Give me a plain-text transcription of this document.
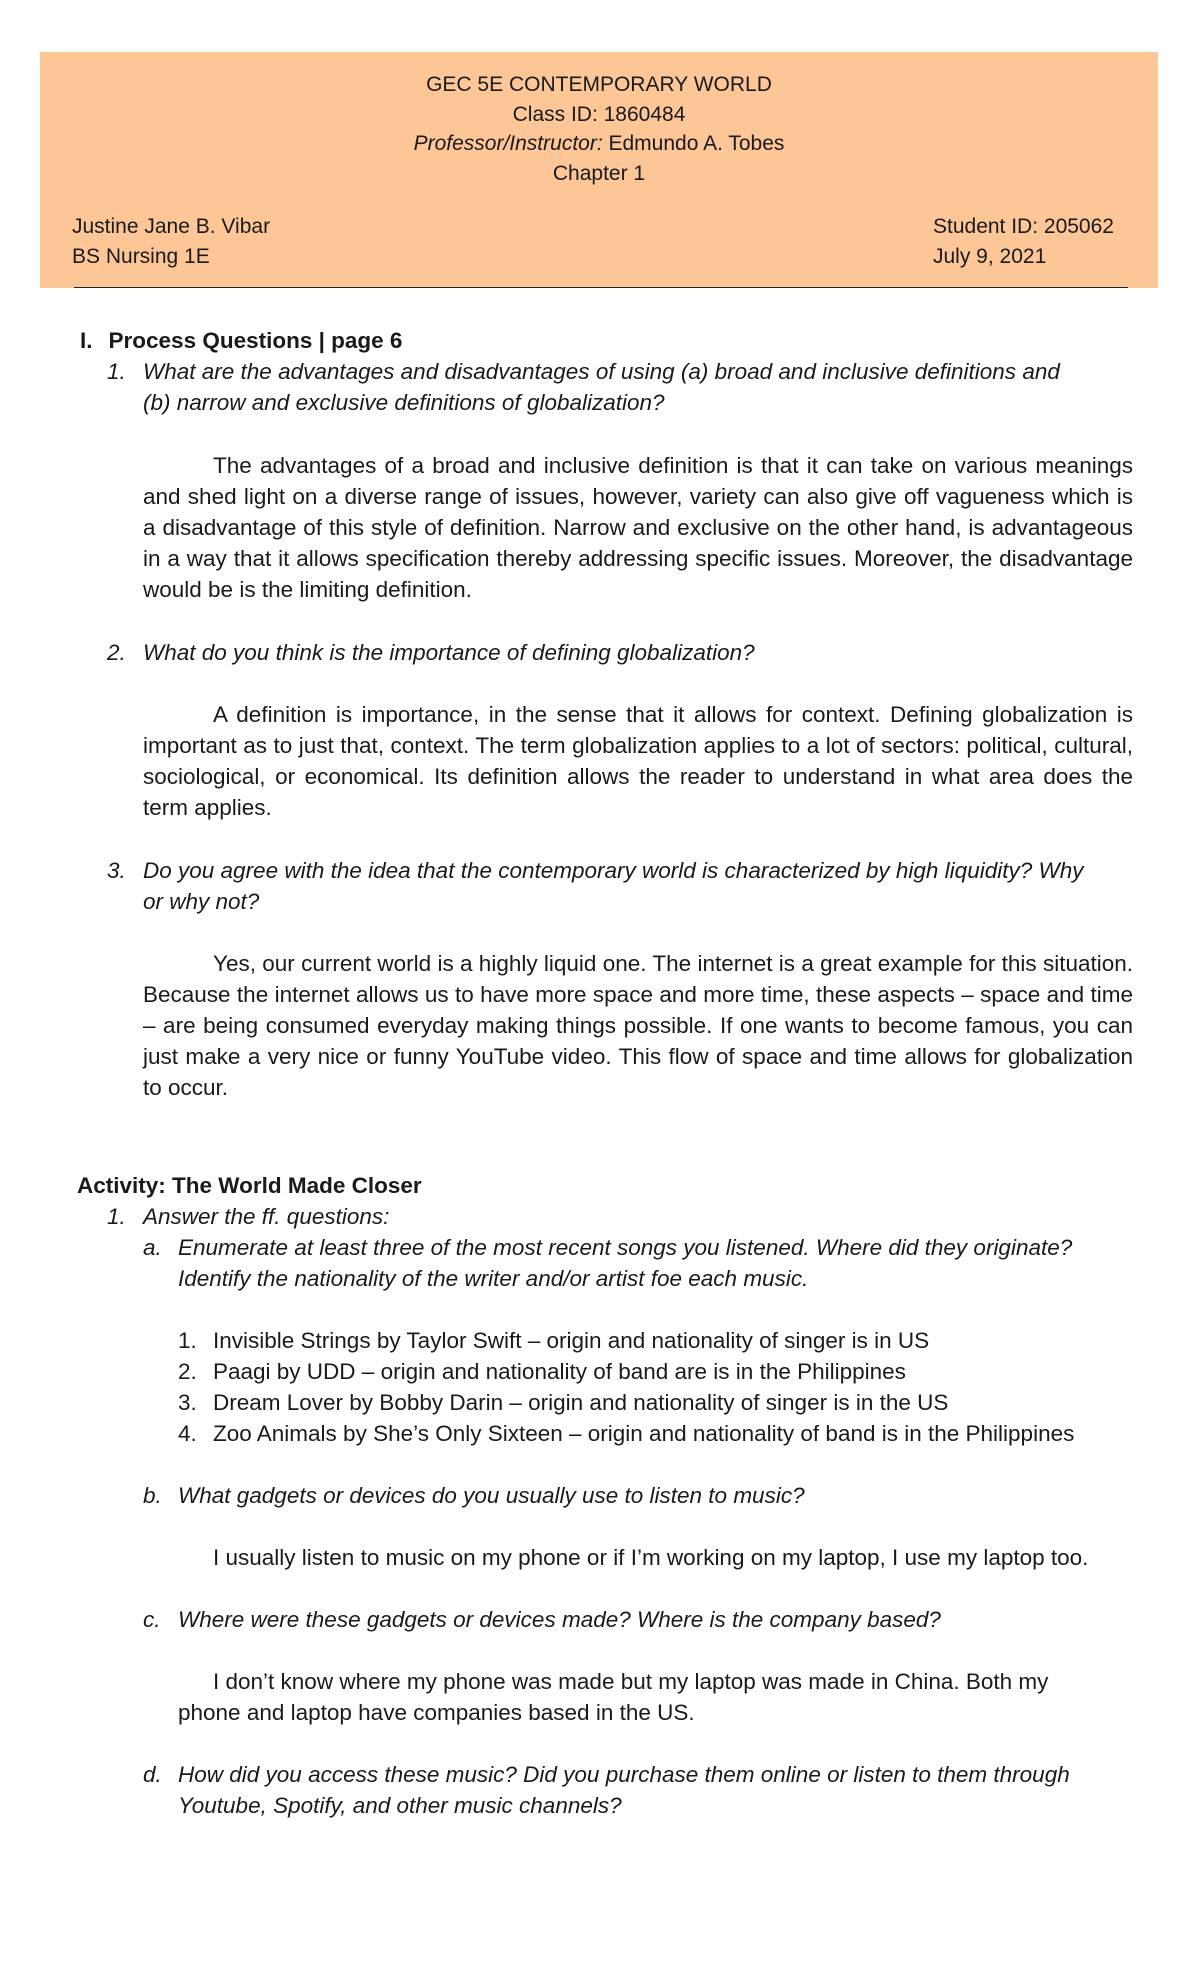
GEC 5E CONTEMPORARY WORLD
Class ID: 1860484
Professor/Instructor: Edmundo A. Tobes
Chapter 1
Justine Jane B. Vibar
BS Nursing 1E
Student ID: 205062
July 9, 2021
I. Process Questions | page 6
1. What are the advantages and disadvantages of using (a) broad and inclusive definitions and
(b) narrow and exclusive definitions of globalization?
The advantages of a broad and inclusive definition is that it can take on various meanings and shed light on a diverse range of issues, however, variety can also give off vagueness which is a disadvantage of this style of definition. Narrow and exclusive on the other hand, is advantageous in a way that it allows specification thereby addressing specific issues. Moreover, the disadvantage would be is the limiting definition.
2. What do you think is the importance of defining globalization?
A definition is importance, in the sense that it allows for context. Defining globalization is important as to just that, context. The term globalization applies to a lot of sectors: political, cultural, sociological, or economical. Its definition allows the reader to understand in what area does the term applies.
3. Do you agree with the idea that the contemporary world is characterized by high liquidity? Why
or why not?
Yes, our current world is a highly liquid one. The internet is a great example for this situation. Because the internet allows us to have more space and more time, these aspects – space and time – are being consumed everyday making things possible. If one wants to become famous, you can just make a very nice or funny YouTube video. This flow of space and time allows for globalization to occur.
Activity: The World Made Closer
1. Answer the ff. questions:
a. Enumerate at least three of the most recent songs you listened. Where did they originate?
Identify the nationality of the writer and/or artist foe each music.
1. Invisible Strings by Taylor Swift – origin and nationality of singer is in US
2. Paagi by UDD – origin and nationality of band are is in the Philippines
3. Dream Lover by Bobby Darin – origin and nationality of singer is in the US
4. Zoo Animals by She’s Only Sixteen – origin and nationality of band is in the Philippines
b. What gadgets or devices do you usually use to listen to music?
I usually listen to music on my phone or if I’m working on my laptop, I use my laptop too.
c. Where were these gadgets or devices made? Where is the company based?
I don’t know where my phone was made but my laptop was made in China. Both my
phone and laptop have companies based in the US.
d. How did you access these music? Did you purchase them online or listen to them through
Youtube, Spotify, and other music channels?
